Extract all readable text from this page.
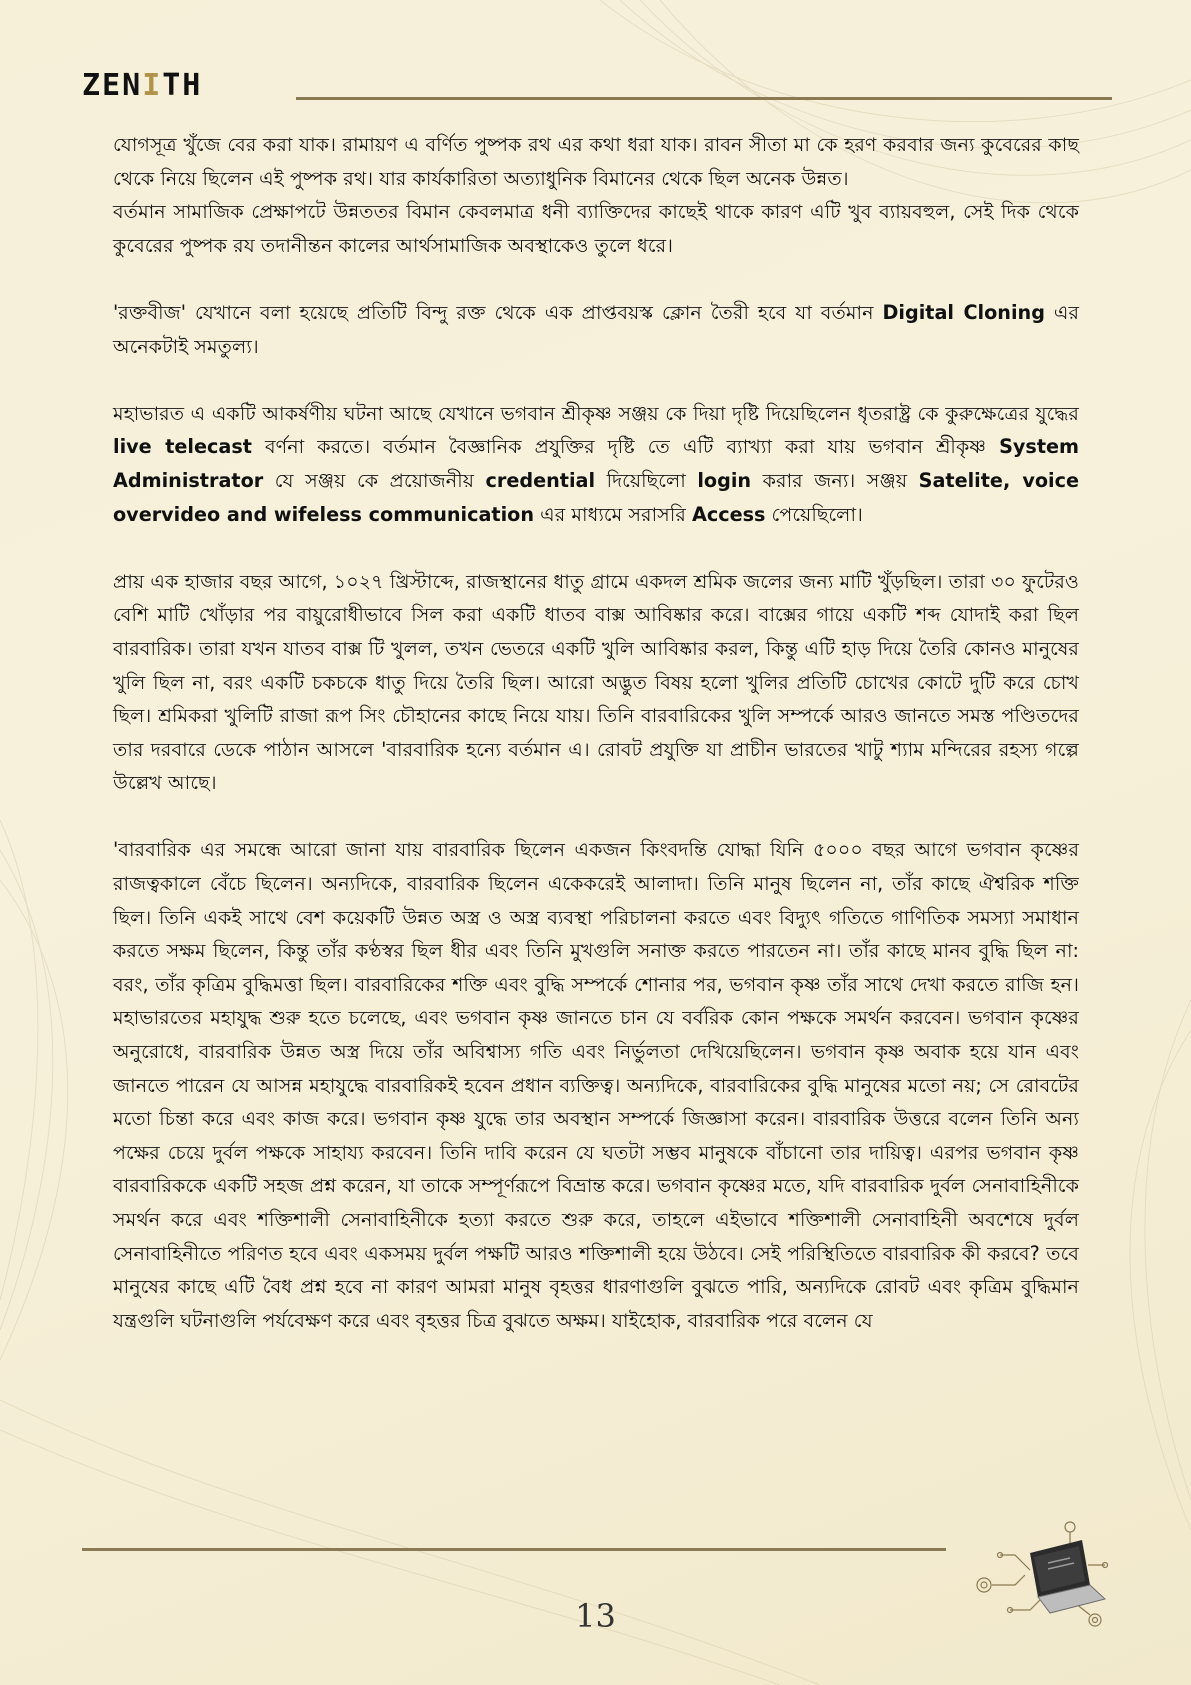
ZENITH

যোগসূত্র খুঁজে বের করা যাক। রামায়ণ এ বর্ণিত পুষ্পক রথ এর কথা ধরা যাক। রাবন সীতা মা কে হরণ করবার জন্য কুবেরের কাছ থেকে নিয়ে ছিলেন এই পুষ্পক রথ। যার কার্যকারিতা অত্যাধুনিক বিমানের থেকে ছিল অনেক উন্নত।

বর্তমান সামাজিক প্রেক্ষাপটে উন্নততর বিমান কেবলমাত্র ধনী ব্যাক্তিদের কাছেই থাকে কারণ এটি খুব ব্যায়বহুল, সেই দিক থেকে কুবেরের পুষ্পক রয তদানীন্তন কালের আর্থসামাজিক অবস্থাকেও তুলে ধরে।

'রক্তবীজ' যেখানে বলা হয়েছে প্রতিটি বিন্দু রক্ত থেকে এক প্রাপ্তবয়স্ক ক্লোন তৈরী হবে যা বর্তমান Digital Cloning এর অনেকটাই সমতুল্য।

মহাভারত এ একটি আকর্ষণীয় ঘটনা আছে যেখানে ভগবান শ্রীকৃষ্ণ সঞ্জয় কে দিয়া দৃষ্টি দিয়েছিলেন ধৃতরাষ্ট্র কে কুরুক্ষেত্রের যুদ্ধের live telecast বর্ণনা করতে। বর্তমান বৈজ্ঞানিক প্রযুক্তির দৃষ্টি তে এটি ব্যাখ্যা করা যায় ভগবান শ্রীকৃষ্ণ System Administrator যে সঞ্জয় কে প্রয়োজনীয় credential দিয়েছিলো login করার জন্য। সঞ্জয় Satelite, voice overvideo and wifeless communication এর মাধ্যমে সরাসরি Access পেয়েছিলো।

প্রায় এক হাজার বছর আগে, ১০২৭ খ্রিস্টাব্দে, রাজস্থানের ধাতু গ্রামে একদল শ্রমিক জলের জন্য মাটি খুঁড়ছিল। তারা ৩০ ফুটেরও বেশি মাটি খোঁড়ার পর বায়ুরোধীভাবে সিল করা একটি ধাতব বাক্স আবিষ্কার করে। বাক্সের গায়ে একটি শব্দ যোদাই করা ছিল বারবারিক। তারা যখন যাতব বাক্স টি খুলল, তখন ভেতরে একটি খুলি আবিষ্কার করল, কিন্তু এটি হাড় দিয়ে তৈরি কোনও মানুষের খুলি ছিল না, বরং একটি চকচকে ধাতু দিয়ে তৈরি ছিল। আরো অদ্ভুত বিষয় হলো খুলির প্রতিটি চোখের কোটে দুটি করে চোখ ছিল। শ্রমিকরা খুলিটি রাজা রূপ সিং চৌহানের কাছে নিয়ে যায়। তিনি বারবারিকের খুলি সম্পর্কে আরও জানতে সমস্ত পণ্ডিতদের তার দরবারে ডেকে পাঠান আসলে 'বারবারিক হন্যে বর্তমান এ। রোবট প্রযুক্তি যা প্রাচীন ভারতের খাটু শ্যাম মন্দিরের রহস্য গল্পে উল্লেখ আছে।

'বারবারিক এর সমন্ধে আরো জানা যায় বারবারিক ছিলেন একজন কিংবদন্তি যোদ্ধা যিনি ৫০০০ বছর আগে ভগবান কৃষ্ণের রাজত্বকালে বেঁচে ছিলেন। অন্যদিকে, বারবারিক ছিলেন একেকরেই আলাদা। তিনি মানুষ ছিলেন না, তাঁর কাছে ঐশ্বরিক শক্তি ছিল। তিনি একই সাথে বেশ কয়েকটি উন্নত অস্ত্র ও অস্ত্র ব্যবস্থা পরিচালনা করতে এবং বিদ্যুৎ গতিতে গাণিতিক সমস্যা সমাধান করতে সক্ষম ছিলেন, কিন্তু তাঁর কণ্ঠস্বর ছিল ধীর এবং তিনি মুখগুলি সনাক্ত করতে পারতেন না। তাঁর কাছে মানব বুদ্ধি ছিল না: বরং, তাঁর কৃত্রিম বুদ্ধিমত্তা ছিল। বারবারিকের শক্তি এবং বুদ্ধি সম্পর্কে শোনার পর, ভগবান কৃষ্ণ তাঁর সাথে দেখা করতে রাজি হন। মহাভারতের মহাযুদ্ধ শুরু হতে চলেছে, এবং ভগবান কৃষ্ণ জানতে চান যে বর্বরিক কোন পক্ষকে সমর্থন করবেন। ভগবান কৃষ্ণের অনুরোধে, বারবারিক উন্নত অস্ত্র দিয়ে তাঁর অবিশ্বাস্য গতি এবং নির্ভুলতা দেখিয়েছিলেন। ভগবান কৃষ্ণ অবাক হয়ে যান এবং জানতে পারেন যে আসন্ন মহাযুদ্ধে বারবারিকই হবেন প্রধান ব্যক্তিত্ব। অন্যদিকে, বারবারিকের বুদ্ধি মানুষের মতো নয়; সে রোবটের মতো চিন্তা করে এবং কাজ করে। ভগবান কৃষ্ণ যুদ্ধে তার অবস্থান সম্পর্কে জিজ্ঞাসা করেন। বারবারিক উত্তরে বলেন তিনি অন্য পক্ষের চেয়ে দুর্বল পক্ষকে সাহায্য করবেন। তিনি দাবি করেন যে ঘতটা সম্ভব মানুষকে বাঁচানো তার দায়িত্ব। এরপর ভগবান কৃষ্ণ বারবারিককে একটি সহজ প্রশ্ন করেন, যা তাকে সম্পূর্ণরূপে বিভ্রান্ত করে। ভগবান কৃষ্ণের মতে, যদি বারবারিক দুর্বল সেনাবাহিনীকে সমর্থন করে এবং শক্তিশালী সেনাবাহিনীকে হত্যা করতে শুরু করে, তাহলে এইভাবে শক্তিশালী সেনাবাহিনী অবশেষে দুর্বল সেনাবাহিনীতে পরিণত হবে এবং একসময় দুর্বল পক্ষটি আরও শক্তিশালী হয়ে উঠবে। সেই পরিস্থিতিতে বারবারিক কী করবে? তবে মানুষের কাছে এটি বৈধ প্রশ্ন হবে না কারণ আমরা মানুষ বৃহত্তর ধারণাগুলি বুঝতে পারি, অন্যদিকে রোবট এবং কৃত্রিম বুদ্ধিমান যন্ত্রগুলি ঘটনাগুলি পর্যবেক্ষণ করে এবং বৃহত্তর চিত্র বুঝতে অক্ষম। যাইহোক, বারবারিক পরে বলেন যে

13
